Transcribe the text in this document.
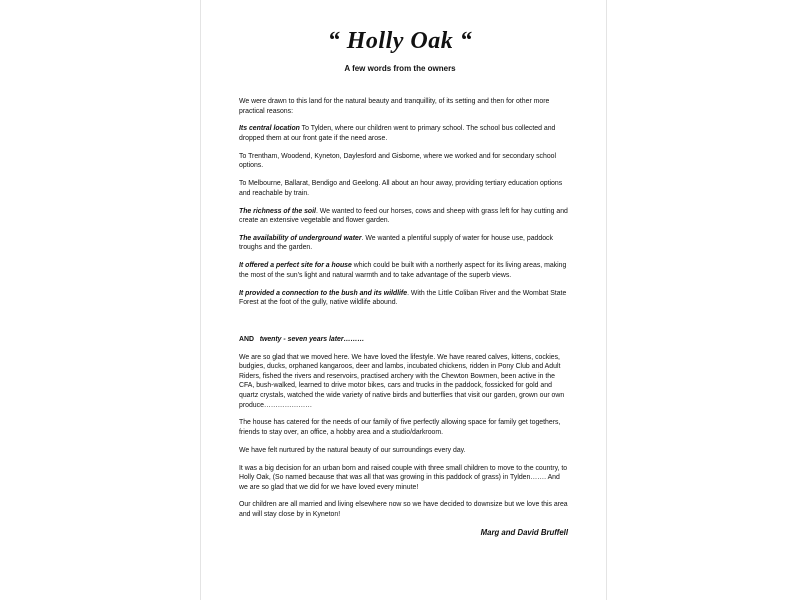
“ Holly Oak “
A few words from the owners

We were drawn to this land for the natural beauty and tranquillity, of its setting and then for other more practical reasons:

Its central location To Tylden, where our children went to primary school. The school bus collected and dropped them at our front gate if the need arose.

To Trentham, Woodend, Kyneton, Daylesford and Gisborne, where we worked and for secondary school options.

To Melbourne, Ballarat, Bendigo and Geelong. All about an hour away, providing tertiary education options and reachable by train.

The richness of the soil. We wanted to feed our horses, cows and sheep with grass left for hay cutting and create an extensive vegetable and flower garden.

The availability of underground water. We wanted a plentiful supply of water for house use, paddock troughs and the garden.

It offered a perfect site for a house which could be built with a northerly aspect for its living areas, making the most of the sun’s light and natural warmth and to take advantage of the superb views.

It provided a connection to the bush and its wildlife. With the Little Coliban River and the Wombat State Forest at the foot of the gully, native wildlife abound.

AND twenty - seven years later………

We are so glad that we moved here. We have loved the lifestyle. We have reared calves, kittens, cockies, budgies, ducks, orphaned kangaroos, deer and lambs, incubated chickens, ridden in Pony Club and Adult Riders, fished the rivers and reservoirs, practised archery with the Chewton Bowmen, been active in the CFA, bush-walked, learned to drive motor bikes, cars and trucks in the paddock, fossicked for gold and quartz crystals, watched the wide variety of native birds and butterflies that visit our garden, grown our own produce…………………

The house has catered for the needs of our family of five perfectly allowing space for family get togethers, friends to stay over, an office, a hobby area and a studio/darkroom.

We have felt nurtured by the natural beauty of our surroundings every day.

It was a big decision for an urban born and raised couple with three small children to move to the country, to Holly Oak, (So named because that was all that was growing in this paddock of grass) in Tylden……. And we are so glad that we did for we have loved every minute!

Our children are all married and living elsewhere now so we have decided to downsize but we love this area and will stay close by in Kyneton!

Marg and David Bruffell
